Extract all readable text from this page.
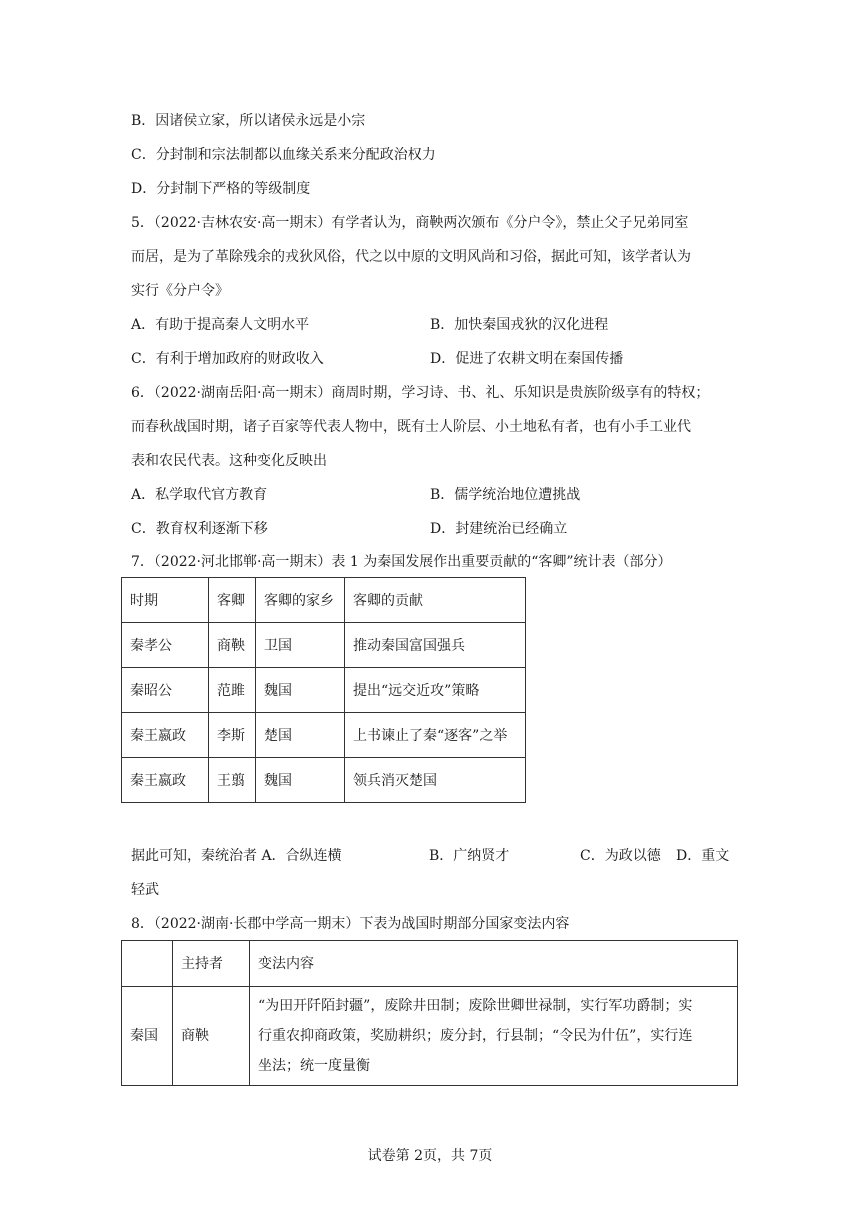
B．因诸侯立家，所以诸侯永远是小宗
C．分封制和宗法制都以血缘关系来分配政治权力
D．分封制下严格的等级制度
5．（2022·吉林农安·高一期末）有学者认为，商鞅两次颁布《分户令》，禁止父子兄弟同室
而居，是为了革除残余的戎狄风俗，代之以中原的文明风尚和习俗，据此可知，该学者认为
实行《分户令》
A．有助于提高秦人文明水平	B．加快秦国戎狄的汉化进程
C．有利于增加政府的财政收入	D．促进了农耕文明在秦国传播
6．（2022·湖南岳阳·高一期末）商周时期，学习诗、书、礼、乐知识是贵族阶级享有的特权；
而春秋战国时期，诸子百家等代表人物中，既有士人阶层、小土地私有者，也有小手工业代
表和农民代表。这种变化反映出
A．私学取代官方教育	B．儒学统治地位遭挑战
C．教育权利逐渐下移	D．封建统治已经确立
7．（2022·河北邯郸·高一期末）表 1 为秦国发展作出重要贡献的“客卿”统计表（部分）
时期	客卿	客卿的家乡	客卿的贡献
秦孝公	商鞅	卫国	推动秦国富国强兵
秦昭公	范雎	魏国	提出“远交近攻”策略
秦王嬴政	李斯	楚国	上书谏止了秦“逐客”之举
秦王嬴政	王翦	魏国	领兵消灭楚国
据此可知，秦统治者 A．合纵连横	B．广纳贤才	C．为政以德 D．重文
轻武
8．（2022·湖南·长郡中学高一期末）下表为战国时期部分国家变法内容
	主持者	变法内容
秦国	商鞅	“为田开阡陌封疆”，废除井田制；废除世卿世禄制，实行军功爵制；实
行重农抑商政策，奖励耕织；废分封，行县制；“令民为什伍”，实行连
坐法；统一度量衡
试卷第 2页，共 7页
